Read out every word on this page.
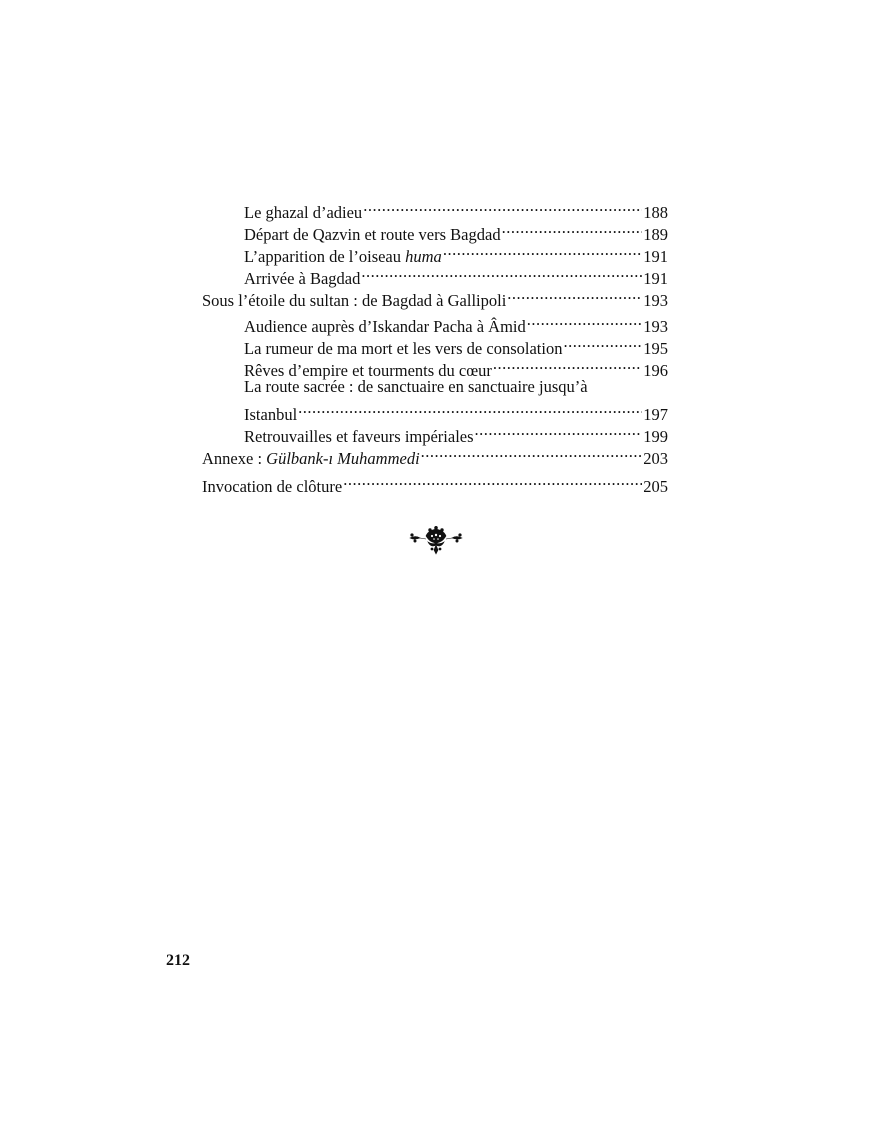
Le ghazal d’adieu .....	188
Départ de Qazvin et route vers Bagdad .....	189
L’apparition de l’oiseau huma .....	191
Arrivée à Bagdad .....	191
Sous l’étoile du sultan : de Bagdad à Gallipoli .....	193
Audience auprès d’Iskandar Pacha à Âmid .....	193
La rumeur de ma mort et les vers de consolation .....	195
Rêves d’empire et tourments du cœur .....	196
La route sacrée : de sanctuaire en sanctuaire jusqu’à
Istanbul .....	197
Retrouvailles et faveurs impériales .....	199
Annexe : Gülbank-ı Muhammedi .....	203
Invocation de clôture .....	205
212
